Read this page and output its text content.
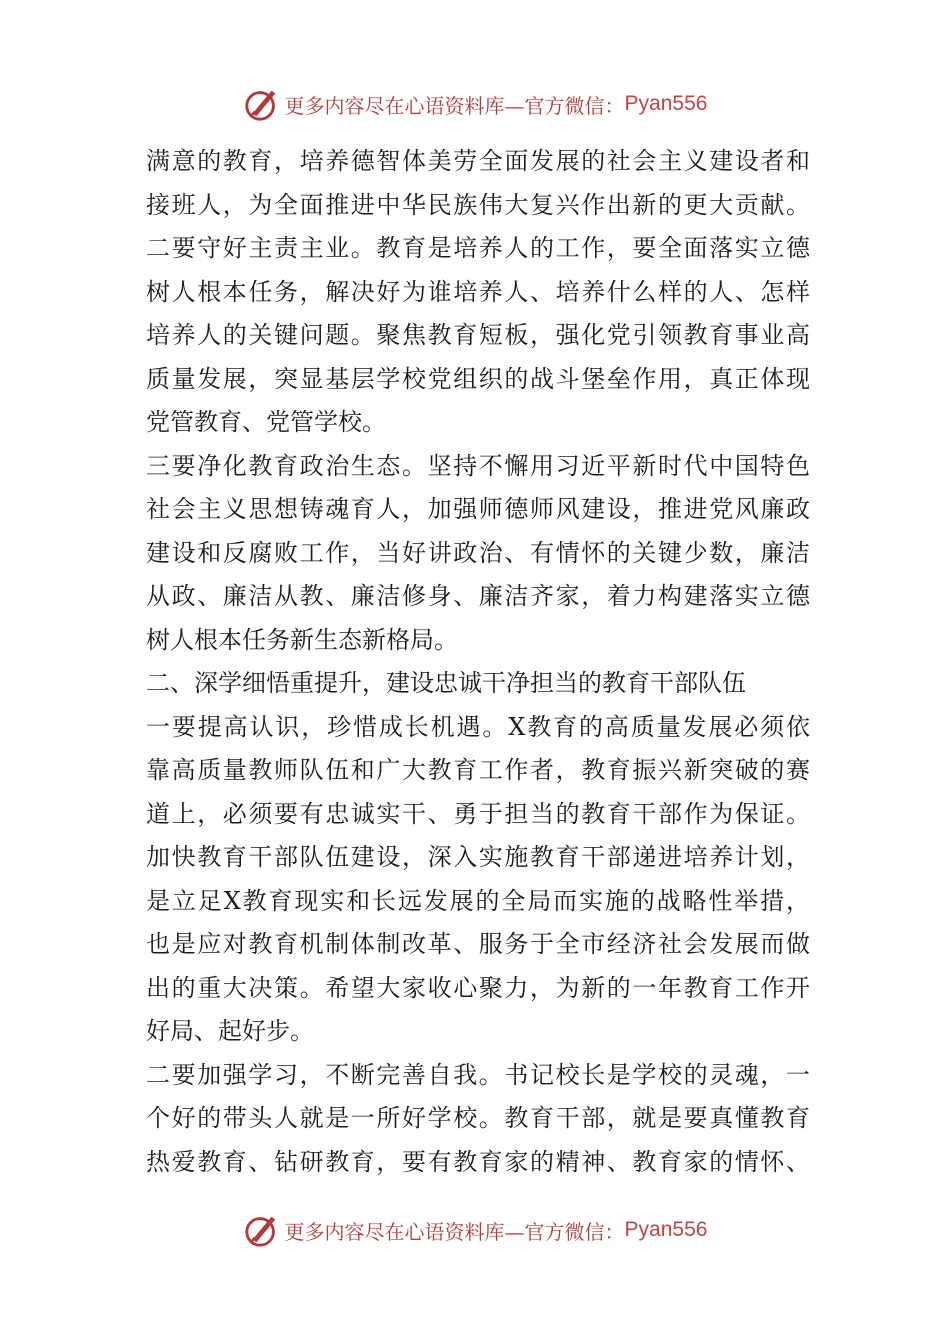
更多内容尽在心语资料库—官方微信： Pyan556
满意的教育，培养德智体美劳全面发展的社会主义建设者和
接班人，为全面推进中华民族伟大复兴作出新的更大贡献。
二要守好主责主业。教育是培养人的工作，要全面落实立德
树人根本任务，解决好为谁培养人、培养什么样的人、怎样
培养人的关键问题。聚焦教育短板，强化党引领教育事业高
质量发展，突显基层学校党组织的战斗堡垒作用，真正体现
党管教育、党管学校。
三要净化教育政治生态。坚持不懈用习近平新时代中国特色
社会主义思想铸魂育人，加强师德师风建设，推进党风廉政
建设和反腐败工作，当好讲政治、有情怀的关键少数，廉洁
从政、廉洁从教、廉洁修身、廉洁齐家，着力构建落实立德
树人根本任务新生态新格局。
二、深学细悟重提升，建设忠诚干净担当的教育干部队伍
一要提高认识，珍惜成长机遇。X教育的高质量发展必须依
靠高质量教师队伍和广大教育工作者，教育振兴新突破的赛
道上，必须要有忠诚实干、勇于担当的教育干部作为保证。
加快教育干部队伍建设，深入实施教育干部递进培养计划，
是立足X教育现实和长远发展的全局而实施的战略性举措，
也是应对教育机制体制改革、服务于全市经济社会发展而做
出的重大决策。希望大家收心聚力，为新的一年教育工作开
好局、起好步。
二要加强学习，不断完善自我。书记校长是学校的灵魂，一
个好的带头人就是一所好学校。教育干部，就是要真懂教育
热爱教育、钻研教育，要有教育家的精神、教育家的情怀、
更多内容尽在心语资料库—官方微信： Pyan556
